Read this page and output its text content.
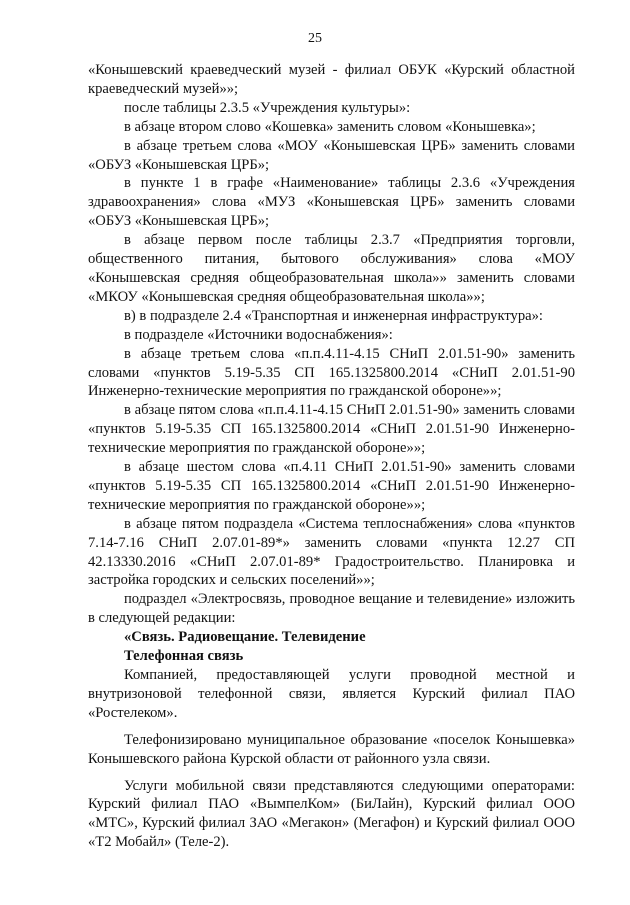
25

«Конышевский краеведческий музей - филиал ОБУК «Курский областной краеведческий музей»»;

после таблицы 2.3.5 «Учреждения культуры»:

в абзаце втором слово «Кошевка» заменить словом «Конышевка»;

в абзаце третьем слова «МОУ «Конышевская ЦРБ» заменить словами «ОБУЗ «Конышевская ЦРБ»;

в пункте 1 в графе «Наименование» таблицы 2.3.6 «Учреждения здравоохранения» слова «МУЗ «Конышевская ЦРБ» заменить словами «ОБУЗ «Конышевская ЦРБ»;

в абзаце первом после таблицы 2.3.7 «Предприятия торговли, общественного питания, бытового обслуживания» слова «МОУ «Конышевская средняя общеобразовательная школа»» заменить словами «МКОУ «Конышевская средняя общеобразовательная школа»»;

в) в подразделе 2.4 «Транспортная и инженерная инфраструктура»:

в подразделе «Источники водоснабжения»:

в абзаце третьем слова «п.п.4.11-4.15 СНиП 2.01.51-90» заменить словами «пунктов 5.19-5.35 СП 165.1325800.2014 «СНиП 2.01.51-90 Инженерно-технические мероприятия по гражданской обороне»»;

в абзаце пятом слова «п.п.4.11-4.15 СНиП 2.01.51-90» заменить словами «пунктов 5.19-5.35 СП 165.1325800.2014 «СНиП 2.01.51-90 Инженерно-технические мероприятия по гражданской обороне»»;

в абзаце шестом слова «п.4.11 СНиП 2.01.51-90» заменить словами «пунктов 5.19-5.35 СП 165.1325800.2014 «СНиП 2.01.51-90 Инженерно-технические мероприятия по гражданской обороне»»;

в абзаце пятом подраздела «Система теплоснабжения» слова «пунктов 7.14-7.16 СНиП 2.07.01-89*» заменить словами «пункта 12.27 СП 42.13330.2016 «СНиП 2.07.01-89* Градостроительство. Планировка и застройка городских и сельских поселений»»;

подраздел «Электросвязь, проводное вещание и телевидение» изложить в следующей редакции:

«Связь. Радиовещание. Телевидение

Телефонная связь

Компанией, предоставляющей услуги проводной местной и внутризоновой телефонной связи, является Курский филиал ПАО «Ростелеком».

Телефонизировано муниципальное образование «поселок Конышевка» Конышевского района Курской области от районного узла связи.

Услуги мобильной связи представляются следующими операторами: Курский филиал ПАО «ВымпелКом» (БиЛайн), Курский филиал ООО «МТС», Курский филиал ЗАО «Мегакон» (Мегафон) и Курский филиал ООО «Т2 Мобайл» (Теле-2).
